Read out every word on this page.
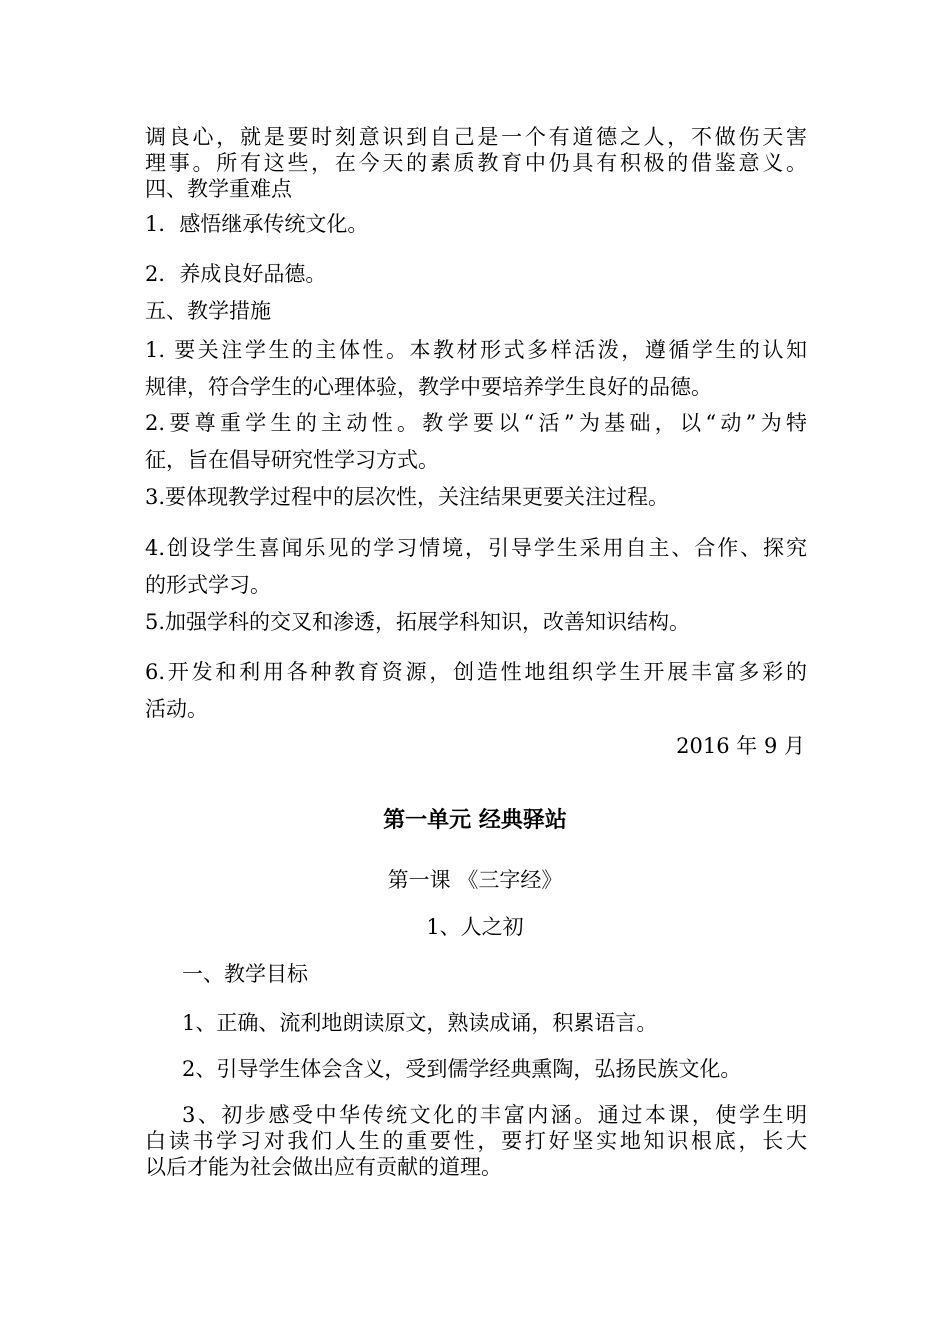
调良心，就是要时刻意识到自己是一个有道德之人，不做伤天害
理事。所有这些，在今天的素质教育中仍具有积极的借鉴意义。
四、教学重难点
1．感悟继承传统文化。
2．养成良好品德。
五、教学措施
1. 要关注学生的主体性。本教材形式多样活泼，遵循学生的认知
规律，符合学生的心理体验，教学中要培养学生良好的品德。
2.要尊重学生的主动性。教学要以“活”为基础，以“动”为特
征，旨在倡导研究性学习方式。
3.要体现教学过程中的层次性，关注结果更要关注过程。
4.创设学生喜闻乐见的学习情境，引导学生采用自主、合作、探究
的形式学习。
5.加强学科的交叉和渗透，拓展学科知识，改善知识结构。
6.开发和利用各种教育资源，创造性地组织学生开展丰富多彩的
活动。
2016 年 9 月
第一单元 经典驿站
第一课 《三字经》
1、人之初
一、教学目标
1、正确、流利地朗读原文，熟读成诵，积累语言。
2、引导学生体会含义，受到儒学经典熏陶，弘扬民族文化。
3、初步感受中华传统文化的丰富内涵。通过本课，使学生明
白读书学习对我们人生的重要性，要打好坚实地知识根底，长大
以后才能为社会做出应有贡献的道理。
